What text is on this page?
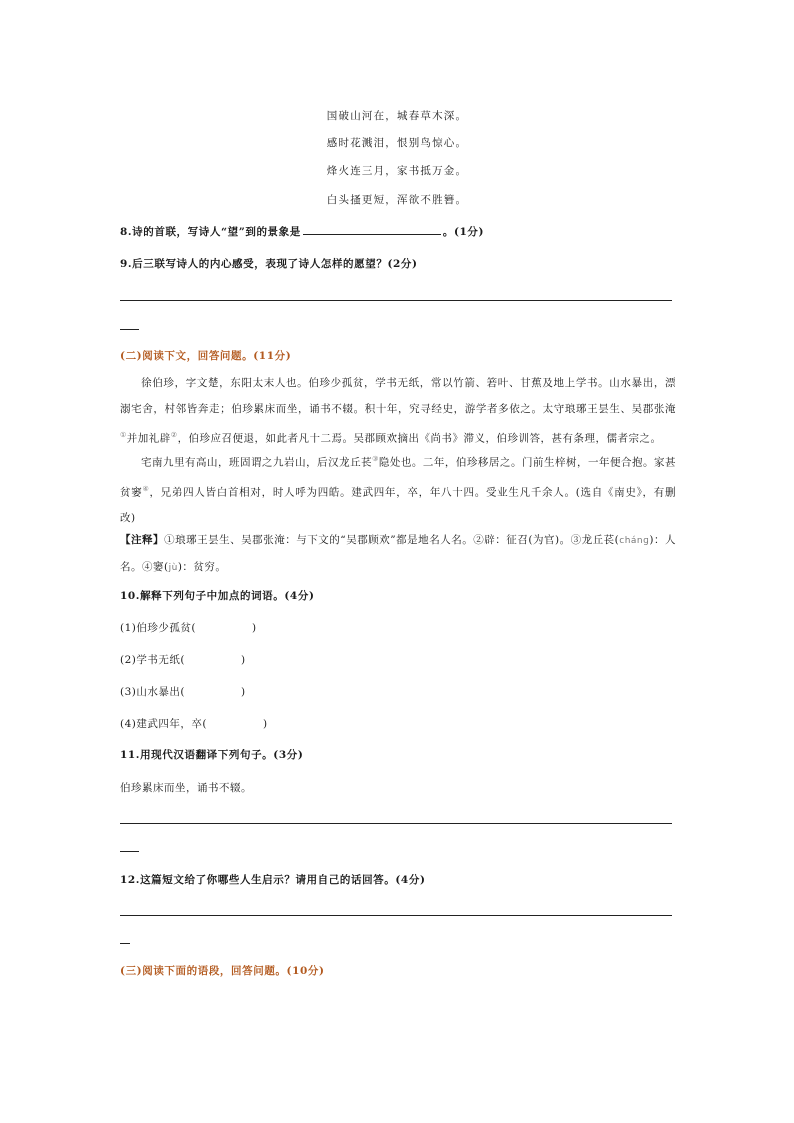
国破山河在，城春草木深。
感时花溅泪，恨别鸟惊心。
烽火连三月，家书抵万金。
白头搔更短，浑欲不胜簪。
8.诗的首联，写诗人“望”到的景象是	。(1分)
9.后三联写诗人的内心感受，表现了诗人怎样的愿望？(2分)
(二)阅读下文，回答问题。(11分)
徐伯珍，字文楚，东阳太末人也。伯珍少孤贫，学书无纸，常以竹箭、箬叶、甘蕉及地上学书。山水暴出，漂溺宅舍，村邻皆奔走；伯珍累床而坐，诵书不辍。积十年，究寻经史，游学者多依之。太守琅琊王昙生、吴郡张淹①并加礼辟②，伯珍应召便退，如此者凡十二焉。吴郡顾欢摘出《尚书》滞义，伯珍训答，甚有条理，儒者宗之。
宅南九里有高山，班固谓之九岩山，后汉龙丘苌③隐处也。二年，伯珍移居之。门前生梓树，一年便合抱。家甚贫窭④，兄弟四人皆白首相对，时人呼为四皓。建武四年，卒，年八十四。受业生凡千余人。(选自《南史》，有删改)
【注释】①琅琊王昙生、吴郡张淹：与下文的“吴郡顾欢”都是地名人名。②辟：征召(为官)。③龙丘苌(chánɡ)：人名。④窭(jù)：贫穷。
10.解释下列句子中加点的词语。(4分)
(1)伯珍少孤贫(	)
(2)学书无纸(	)
(3)山水暴出(	)
(4)建武四年，卒(	)
11.用现代汉语翻译下列句子。(3分)
伯珍累床而坐，诵书不辍。
12.这篇短文给了你哪些人生启示？请用自己的话回答。(4分)
(三)阅读下面的语段，回答问题。(10分)
